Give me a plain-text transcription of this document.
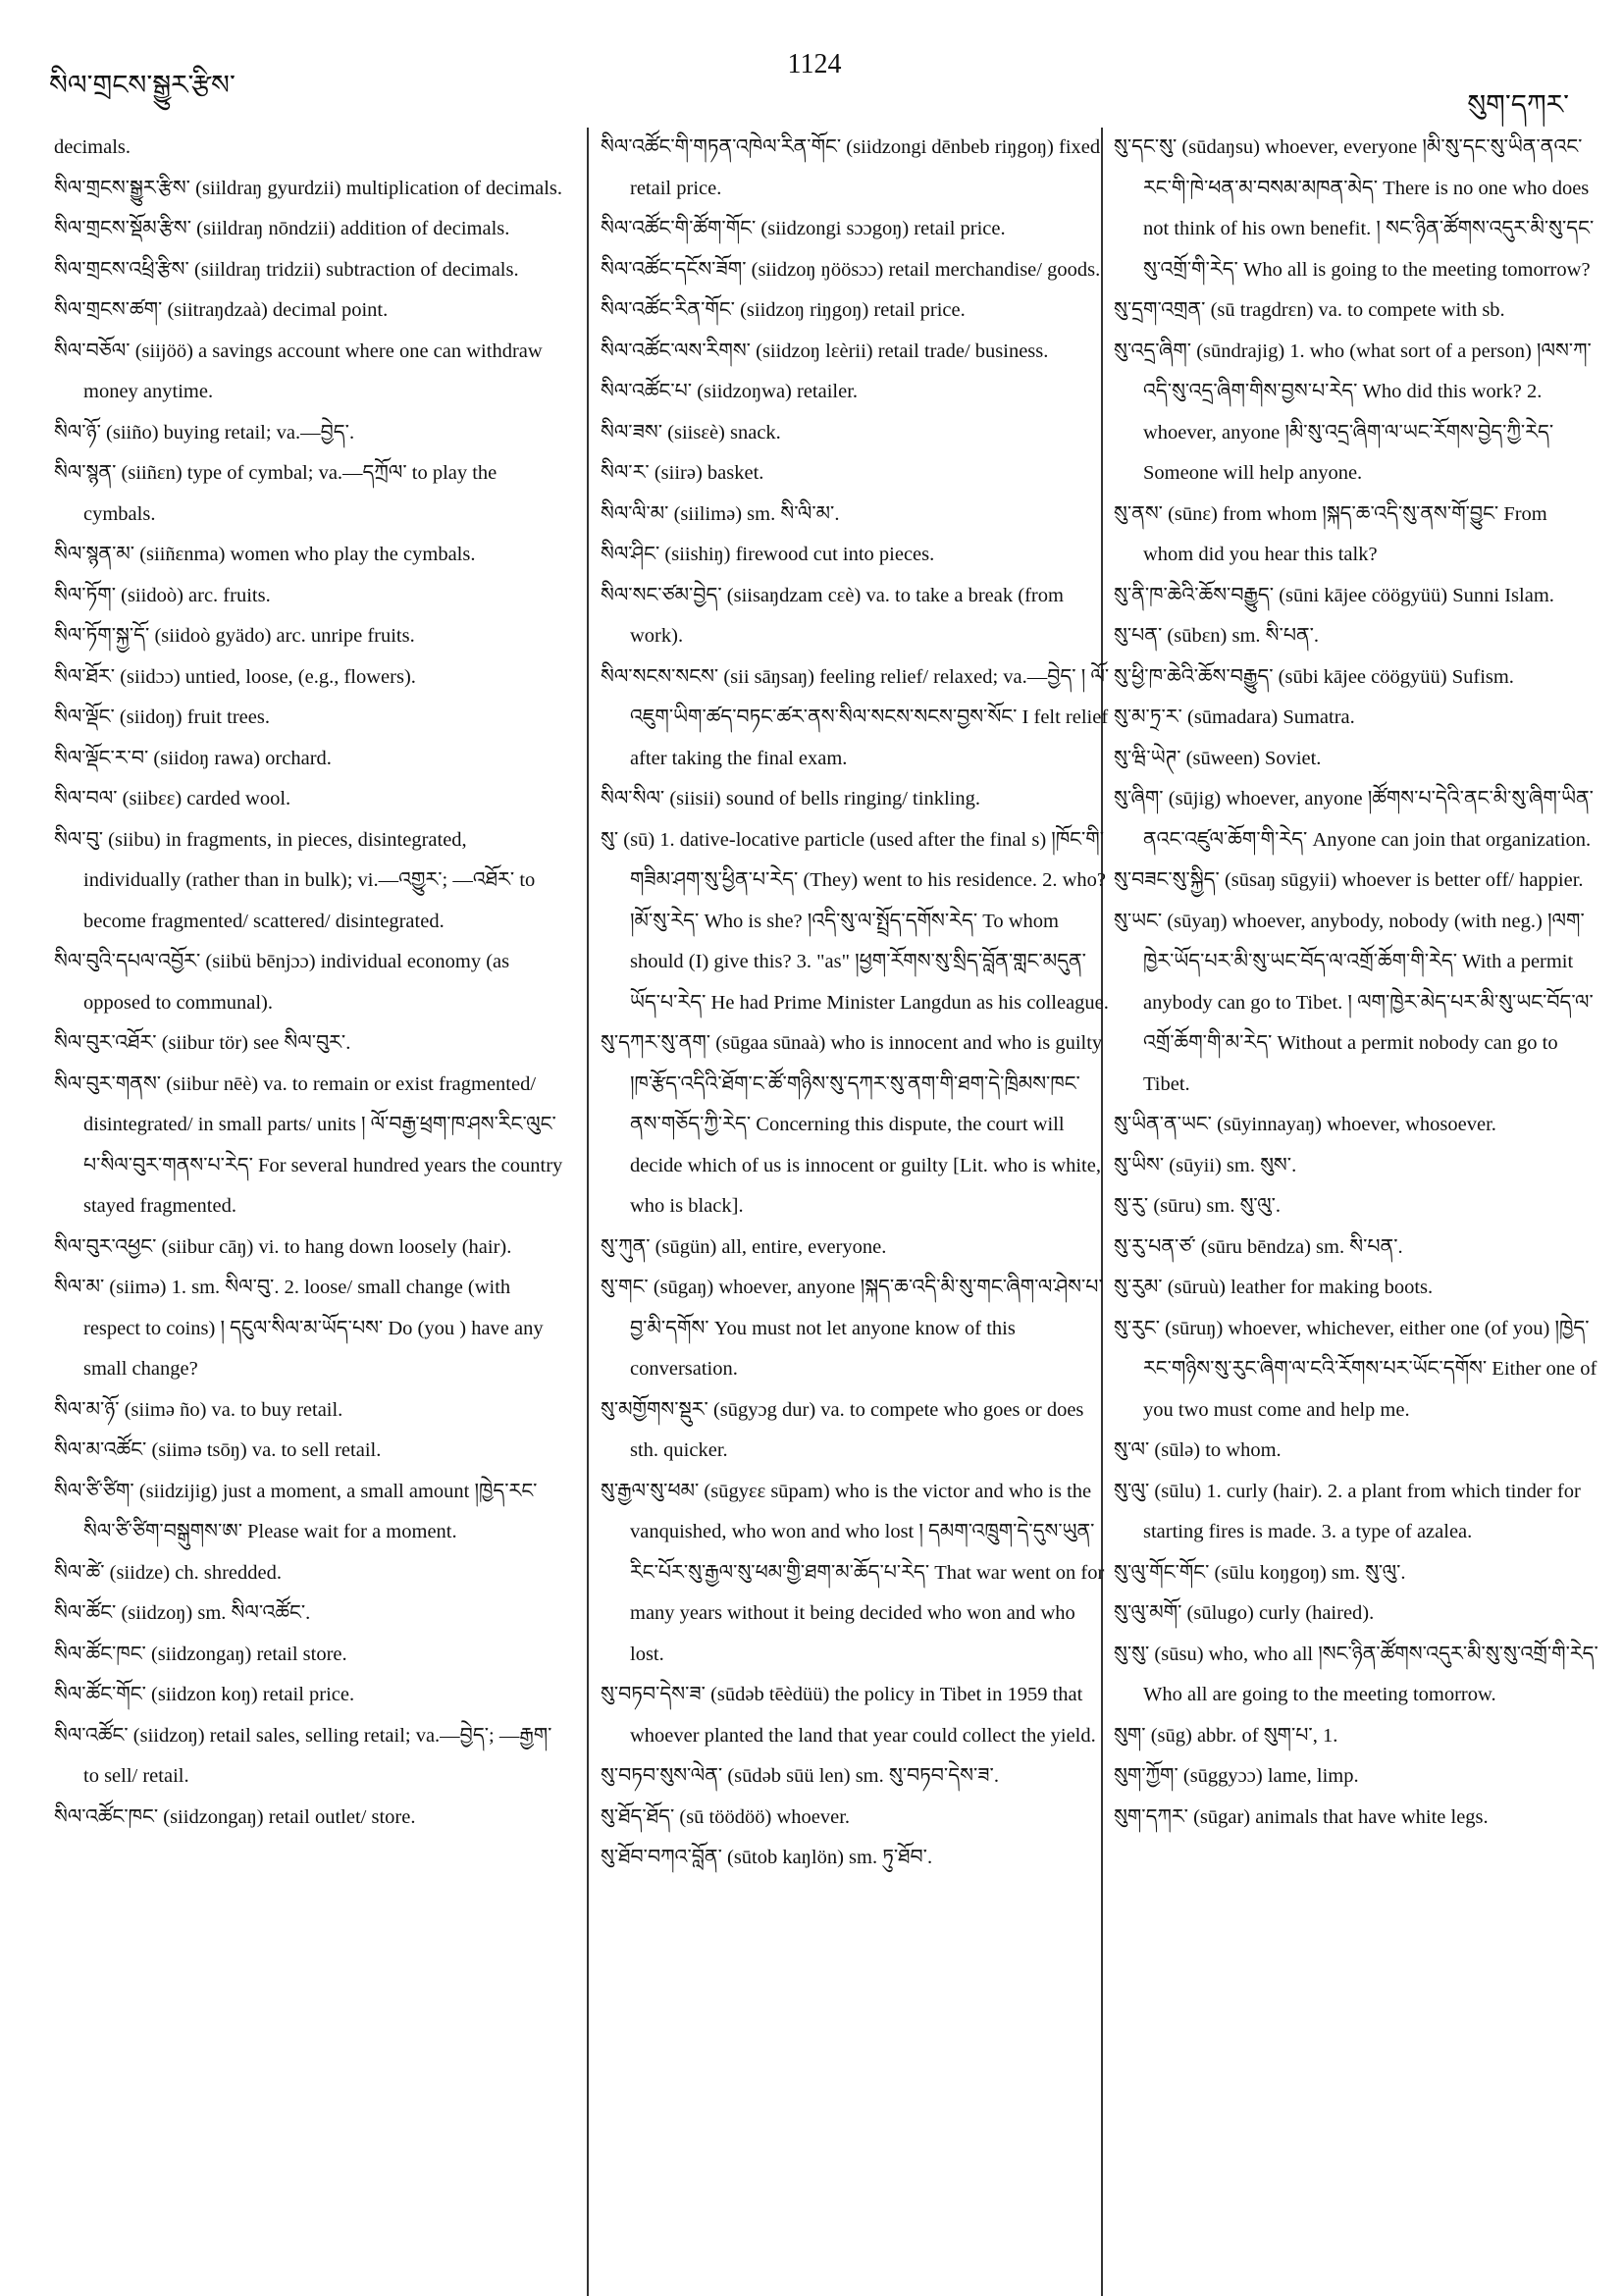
སིལ་གྲངས་སྒྱུར་རྩིས་
1124
སུག་དཀར་

decimals.

སིལ་གྲངས་སྒྱུར་རྩིས་ (siildraŋ gyurdzii) multiplication of decimals.

སིལ་གྲངས་སྡོམ་རྩིས་ (siildraŋ nōndzii) addition of decimals.

སིལ་གྲངས་འཕྲི་རྩིས་ (siildraŋ tridzii) subtraction of decimals.

སིལ་གྲངས་ཚག་ (siitraŋdzaà) decimal point.

སིལ་བཅོལ་ (siijöö) a savings account where one can withdraw money anytime.

སིལ་ཉོ་ (siiño) buying retail; va.—བྱེད་.

སིལ་སྙན་ (siiñɛn) type of cymbal; va.—དཀྲོལ་ to play the cymbals.

སིལ་སྙན་མ་ (siiñɛnma) women who play the cymbals.

སིལ་ཏོག་ (siidoò) arc. fruits.

སིལ་ཏོག་སྐྱ་དོ་ (siidoò gyädo) arc. unripe fruits.

སིལ་ཐོར་ (siidɔɔ) untied, loose, (e.g., flowers).

སིལ་ལྡོང་ (siidoŋ) fruit trees.

སིལ་ལྡོང་ར་བ་ (siidoŋ rawa) orchard.

སིལ་བལ་ (siibɛɛ) carded wool.

སིལ་བུ་ (siibu) in fragments, in pieces, disintegrated, individually (rather than in bulk); vi.—འགྱུར་; —འཐོར་ to become fragmented/ scattered/ disintegrated.

སིལ་བུའི་དཔལ་འབྱོར་ (siibü bēnjɔɔ) individual economy (as opposed to communal).

སིལ་བུར་འཐོར་ (siibur tör) see སིལ་བུར་.

སིལ་བུར་གནས་ (siibur nēè) va. to remain or exist fragmented/ disintegrated/ in small parts/ units ། ལོ་བརྒྱ་ཕྲག་ཁ་ཤས་རིང་ལུང་པ་སིལ་བུར་གནས་པ་རེད་ For several hundred years the country stayed fragmented.

སིལ་བུར་འཕྱང་ (siibur cāŋ) vi. to hang down loosely (hair).

སིལ་མ་ (siimə) 1. sm. སིལ་བུ་. 2. loose/ small change (with respect to coins) ། དངུལ་སིལ་མ་ཡོད་པས་ Do (you ) have any small change?

སིལ་མ་ཉོ་ (siimə ño) va. to buy retail.

སིལ་མ་འཚོང་ (siimə tsōŋ) va. to sell retail.

སིལ་ཙི་ཙིག་ (siidzijig) just a moment, a small amount །ཁྱེད་རང་སིལ་ཙི་ཙིག་བསྒུགས་ཨ་ Please wait for a moment.

སིལ་ཚེ་ (siidze) ch. shredded.

སིལ་ཚོང་ (siidzoŋ) sm. སིལ་འཚོང་.

སིལ་ཚོང་ཁང་ (siidzongaŋ) retail store.

སིལ་ཚོང་གོང་ (siidzon koŋ) retail price.

སིལ་འཚོང་ (siidzoŋ) retail sales, selling retail; va.—བྱེད་; —རྒྱག་ to sell/ retail.

སིལ་འཚོང་ཁང་ (siidzongaŋ) retail outlet/ store.

སིལ་འཚོང་གི་གཏན་འཁེལ་རིན་གོང་ (siidzongi dēnbeb riŋgoŋ) fixed retail price.

སིལ་འཚོང་གི་ཚོག་གོང་ (siidzongi sɔɔgoŋ) retail price.

སིལ་འཚོང་དངོས་ཟོག་ (siidzoŋ ŋöösɔɔ) retail merchandise/ goods.

སིལ་འཚོང་རིན་གོང་ (siidzoŋ riŋgoŋ) retail price.

སིལ་འཚོང་ལས་རིགས་ (siidzoŋ lɛèrii) retail trade/ business.

སིལ་འཚོང་པ་ (siidzoŋwa) retailer.

སིལ་ཟས་ (siisɛè) snack.

སིལ་ར་ (siirə) basket.

སིལ་ལི་མ་ (siilimə) sm. སི་ལི་མ་.

སིལ་ཤིང་ (siishiŋ) firewood cut into pieces.

སིལ་སང་ཙམ་བྱེད་ (siisaŋdzam cɛè) va. to take a break (from work).

སིལ་སངས་སངས་ (sii sāŋsaŋ) feeling relief/ relaxed; va.—བྱེད་ ། ལོ་འཇུག་ཡིག་ཚད་བཏང་ཚར་ནས་སིལ་སངས་སངས་བྱས་སོང་ I felt relief after taking the final exam.

སིལ་སིལ་ (siisii) sound of bells ringing/ tinkling.

སུ་ (sū) 1. dative-locative particle (used after the final s) །ཁོང་གི་གཟིམ་ཤག་སུ་ཕྱིན་པ་རེད་ (They) went to his residence. 2. who? །མོ་སུ་རེད་ Who is she? །འདི་སུ་ལ་སྤྲོད་དགོས་རེད་ To whom should (I) give this? 3. "as" །ཕྱག་རོགས་སུ་སྲིད་བློན་གླང་མདུན་ཡོད་པ་རེད་ He had Prime Minister Langdun as his colleague.

སུ་དཀར་སུ་ནག་ (sūgaa sūnaà) who is innocent and who is guilty །ཁ་རྩོད་འདིའི་ཐོག་ང་ཚོ་གཉིས་སུ་དཀར་སུ་ནག་གི་ཐག་དེ་ཁྲིམས་ཁང་ནས་གཅོད་ཀྱི་རེད་ Concerning this dispute, the court will decide which of us is innocent or guilty [Lit. who is white, who is black].

སུ་ཀུན་ (sūgün) all, entire, everyone.

སུ་གང་ (sūgaŋ) whoever, anyone །སྐད་ཆ་འདི་མི་སུ་གང་ཞིག་ལ་ཤེས་པ་བྱ་མི་དགོས་ You must not let anyone know of this conversation.

སུ་མགྱོགས་སྡུར་ (sūgyɔg dur) va. to compete who goes or does sth. quicker.

སུ་རྒྱལ་སུ་ཕམ་ (sūgyɛɛ sūpam) who is the victor and who is the vanquished, who won and who lost ། དམག་འཁྲུག་དེ་དུས་ཡུན་རིང་པོར་སུ་རྒྱལ་སུ་ཕམ་གྱི་ཐག་མ་ཆོད་པ་རེད་ That war went on for many years without it being decided who won and who lost.

སུ་བཏབ་དེས་ཟ་ (sūdəb tēèdüü) the policy in Tibet in 1959 that whoever planted the land that year could collect the yield.

སུ་བཏབ་སུས་ལེན་ (sūdəb sūü len) sm. སུ་བཏབ་དེས་ཟ་.

སུ་ཐོད་ཐོད་ (sū töödöö) whoever.

སུ་ཐོབ་བཀའ་བློན་ (sūtob kaŋlön) sm. ཏུ་ཐོབ་.

སུ་དང་སུ་ (sūdaŋsu) whoever, everyone །མི་སུ་དང་སུ་ཡིན་ནའང་རང་གི་ཁེ་ཕན་མ་བསམ་མཁན་མེད་ There is no one who does not think of his own benefit. ། སང་ཉིན་ཚོགས་འདུར་མི་སུ་དང་སུ་འགྲོ་གི་རེད་ Who all is going to the meeting tomorrow?

སུ་དྲག་འགྲན་ (sū tragdrɛn) va. to compete with sb.

སུ་འདྲ་ཞིག་ (sūndrajig) 1. who (what sort of a person) །ལས་ཀ་འདི་སུ་འདྲ་ཞིག་གིས་བྱས་པ་རེད་ Who did this work? 2. whoever, anyone །མི་སུ་འདྲ་ཞིག་ལ་ཡང་རོགས་བྱེད་ཀྱི་རེད་ Someone will help anyone.

སུ་ནས་ (sūnɛ) from whom །སྐད་ཆ་འདི་སུ་ནས་གོ་བྱུང་ From whom did you hear this talk?

སུ་ནི་ཁ་ཆེའི་ཆོས་བརྒྱུད་ (sūni kājee cöögyüü) Sunni Islam.

སུ་པན་ (sūbɛn) sm. སི་པན་.

སུ་ཕྱི་ཁ་ཆེའི་ཆོས་བརྒྱུད་ (sūbi kājee cöögyüü) Sufism.

སུ་མ་ཏྲ་ར་ (sūmadara) Sumatra.

སུ་ཝི་ཡེཊ་ (sūween) Soviet.

སུ་ཞིག་ (sūjig) whoever, anyone །ཚོགས་པ་དེའི་ནང་མི་སུ་ཞིག་ཡིན་ནའང་འཛུལ་ཆོག་གི་རེད་ Anyone can join that organization.

སུ་བཟང་སུ་སྐྱིད་ (sūsaŋ sūgyii) whoever is better off/ happier.

སུ་ཡང་ (sūyaŋ) whoever, anybody, nobody (with neg.) །ལག་ཁྱེར་ཡོད་པར་མི་སུ་ཡང་བོད་ལ་འགྲོ་ཆོག་གི་རེད་ With a permit anybody can go to Tibet. ། ལག་ཁྱེར་མེད་པར་མི་སུ་ཡང་བོད་ལ་འགྲོ་ཆོག་གི་མ་རེད་ Without a permit nobody can go to Tibet.

སུ་ཡིན་ན་ཡང་ (sūyinnayaŋ) whoever, whosoever.

སུ་ཡིས་ (sūyii) sm. སུས་.

སུ་རུ་ (sūru) sm. སུ་ལུ་.

སུ་རུ་པན་ཙ་ (sūru bēndza) sm. སི་པན་.

སུ་རུམ་ (sūruù) leather for making boots.

སུ་རུང་ (sūruŋ) whoever, whichever, either one (of you) །ཁྱེད་རང་གཉིས་སུ་རུང་ཞིག་ལ་ངའི་རོགས་པར་ཡོང་དགོས་ Either one of you two must come and help me.

སུ་ལ་ (sūlə) to whom.

སུ་ལུ་ (sūlu) 1. curly (hair). 2. a plant from which tinder for starting fires is made. 3. a type of azalea.

སུ་ལུ་གོང་གོང་ (sūlu koŋgoŋ) sm. སུ་ལུ་.

སུ་ལུ་མགོ་ (sūlugo) curly (haired).

སུ་སུ་ (sūsu) who, who all །སང་ཉིན་ཚོགས་འདུར་མི་སུ་སུ་འགྲོ་གི་རེད་ Who all are going to the meeting tomorrow.

སུག་ (sūg) abbr. of སུག་པ་, 1.

སུག་ཀྱོག་ (sūggyɔɔ) lame, limp.

སུག་དཀར་ (sūgar) animals that have white legs.
